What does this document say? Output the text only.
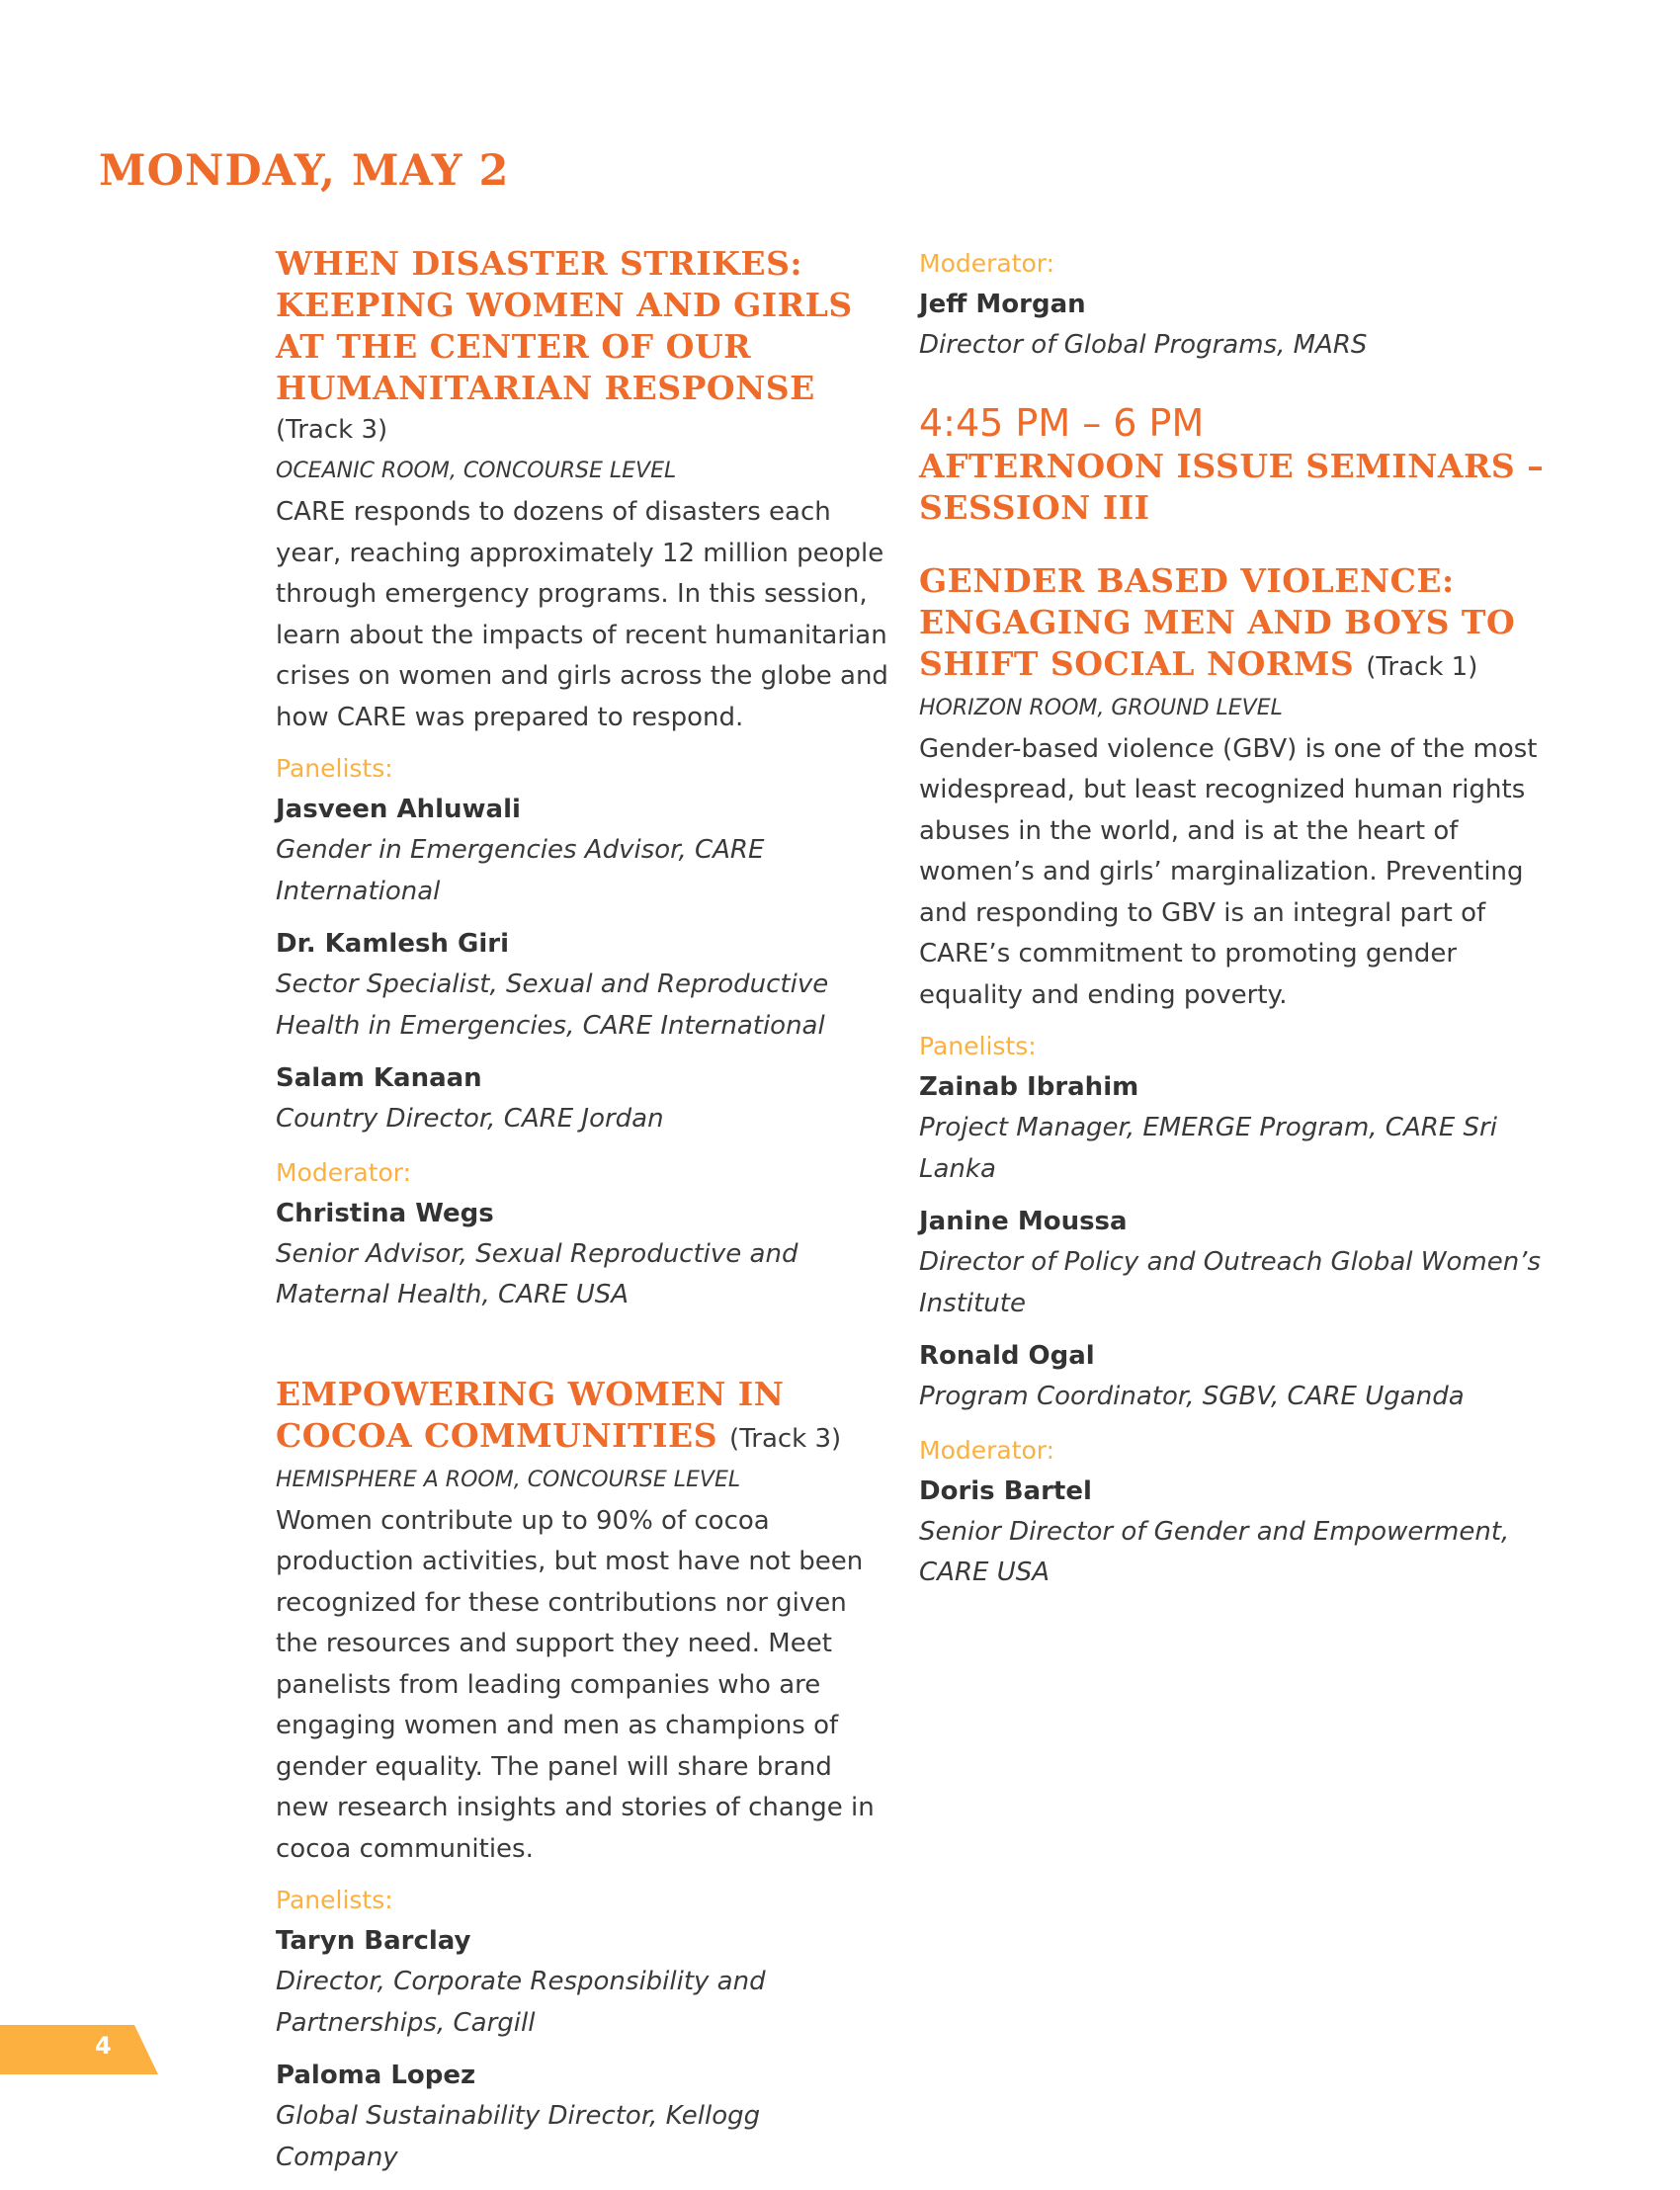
MONDAY, MAY 2
WHEN DISASTER STRIKES: KEEPING WOMEN AND GIRLS AT THE CENTER OF OUR HUMANITARIAN RESPONSE
(Track 3)
OCEANIC ROOM, CONCOURSE LEVEL
CARE responds to dozens of disasters each year, reaching approximately 12 million people through emergency programs. In this session, learn about the impacts of recent humanitarian crises on women and girls across the globe and how CARE was prepared to respond.
Panelists:
Jasveen Ahluwali
Gender in Emergencies Advisor, CARE International
Dr. Kamlesh Giri
Sector Specialist, Sexual and Reproductive Health in Emergencies, CARE International
Salam Kanaan
Country Director, CARE Jordan
Moderator:
Christina Wegs
Senior Advisor, Sexual Reproductive and Maternal Health, CARE USA
EMPOWERING WOMEN IN COCOA COMMUNITIES (Track 3)
HEMISPHERE A ROOM, CONCOURSE LEVEL
Women contribute up to 90% of cocoa production activities, but most have not been recognized for these contributions nor given the resources and support they need. Meet panelists from leading companies who are engaging women and men as champions of gender equality. The panel will share brand new research insights and stories of change in cocoa communities.
Panelists:
Taryn Barclay
Director, Corporate Responsibility and Partnerships, Cargill
Paloma Lopez
Global Sustainability Director, Kellogg Company
Moderator:
Jeff Morgan
Director of Global Programs, MARS
4:45 PM – 6 PM
AFTERNOON ISSUE SEMINARS – SESSION III
GENDER BASED VIOLENCE: ENGAGING MEN AND BOYS TO SHIFT SOCIAL NORMS (Track 1)
HORIZON ROOM, GROUND LEVEL
Gender-based violence (GBV) is one of the most widespread, but least recognized human rights abuses in the world, and is at the heart of women’s and girls’ marginalization. Preventing and responding to GBV is an integral part of CARE’s commitment to promoting gender equality and ending poverty.
Panelists:
Zainab Ibrahim
Project Manager, EMERGE Program, CARE Sri Lanka
Janine Moussa
Director of Policy and Outreach Global Women’s Institute
Ronald Ogal
Program Coordinator, SGBV, CARE Uganda
Moderator:
Doris Bartel
Senior Director of Gender and Empowerment, CARE USA
4
